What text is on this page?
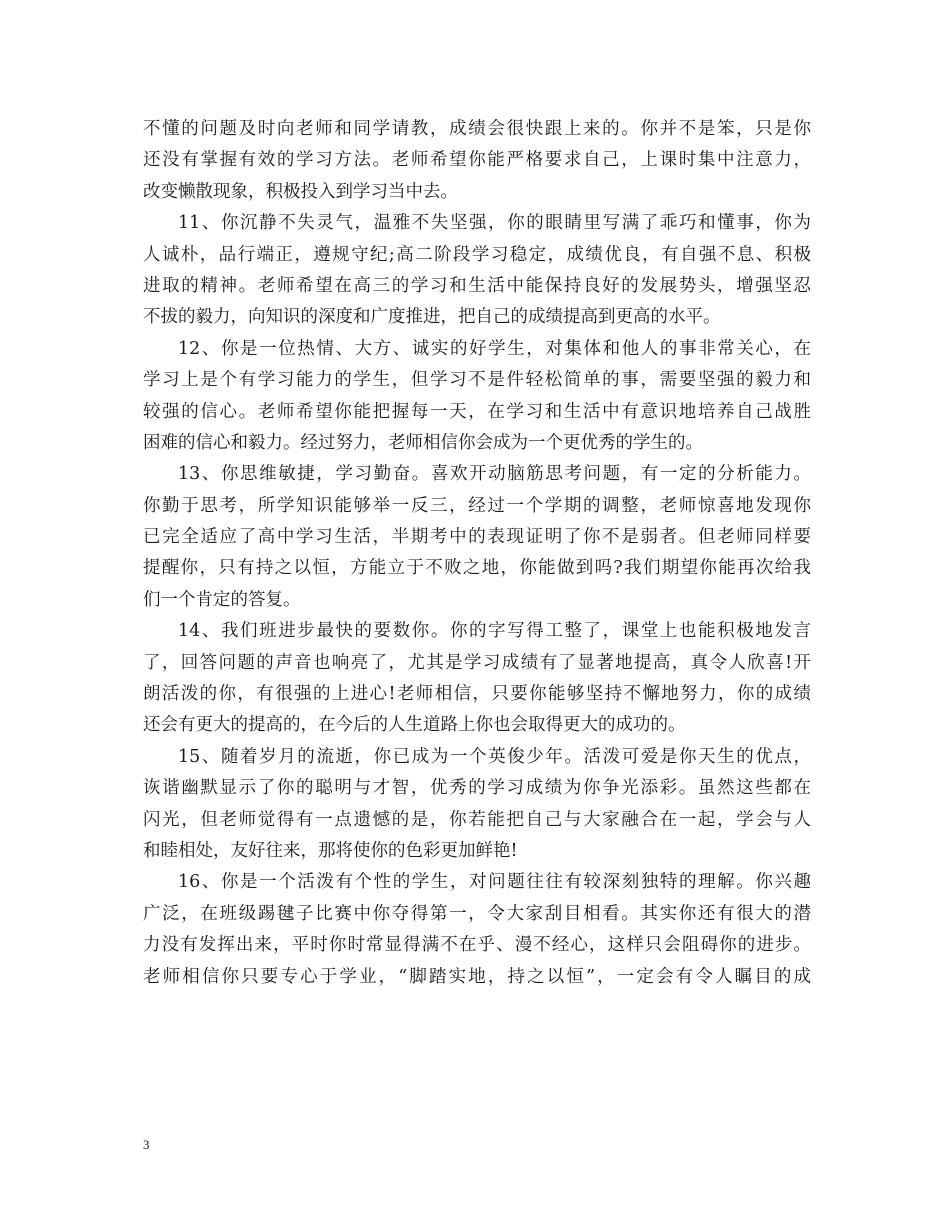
不懂的问题及时向老师和同学请教，成绩会很快跟上来的。你并不是笨，只是你
还没有掌握有效的学习方法。老师希望你能严格要求自己，上课时集中注意力，
改变懒散现象，积极投入到学习当中去。
11、你沉静不失灵气，温雅不失坚强，你的眼睛里写满了乖巧和懂事，你为
人诚朴，品行端正，遵规守纪;高二阶段学习稳定，成绩优良，有自强不息、积极
进取的精神。老师希望在高三的学习和生活中能保持良好的发展势头，增强坚忍
不拔的毅力，向知识的深度和广度推进，把自己的成绩提高到更高的水平。
12、你是一位热情、大方、诚实的好学生，对集体和他人的事非常关心，在
学习上是个有学习能力的学生，但学习不是件轻松简单的事，需要坚强的毅力和
较强的信心。老师希望你能把握每一天，在学习和生活中有意识地培养自己战胜
困难的信心和毅力。经过努力，老师相信你会成为一个更优秀的学生的。
13、你思维敏捷，学习勤奋。喜欢开动脑筋思考问题，有一定的分析能力。
你勤于思考，所学知识能够举一反三，经过一个学期的调整，老师惊喜地发现你
已完全适应了高中学习生活，半期考中的表现证明了你不是弱者。但老师同样要
提醒你，只有持之以恒，方能立于不败之地，你能做到吗?我们期望你能再次给我
们一个肯定的答复。
14、我们班进步最快的要数你。你的字写得工整了，课堂上也能积极地发言
了，回答问题的声音也响亮了，尤其是学习成绩有了显著地提高，真令人欣喜!开
朗活泼的你，有很强的上进心!老师相信，只要你能够坚持不懈地努力，你的成绩
还会有更大的提高的，在今后的人生道路上你也会取得更大的成功的。
15、随着岁月的流逝，你已成为一个英俊少年。活泼可爱是你天生的优点，
诙谐幽默显示了你的聪明与才智，优秀的学习成绩为你争光添彩。虽然这些都在
闪光，但老师觉得有一点遗憾的是，你若能把自己与大家融合在一起，学会与人
和睦相处，友好往来，那将使你的色彩更加鲜艳!
16、你是一个活泼有个性的学生，对问题往往有较深刻独特的理解。你兴趣
广泛，在班级踢毽子比赛中你夺得第一，令大家刮目相看。其实你还有很大的潜
力没有发挥出来，平时你时常显得满不在乎、漫不经心，这样只会阻碍你的进步。
老师相信你只要专心于学业，“脚踏实地，持之以恒”，一定会有令人瞩目的成
3
